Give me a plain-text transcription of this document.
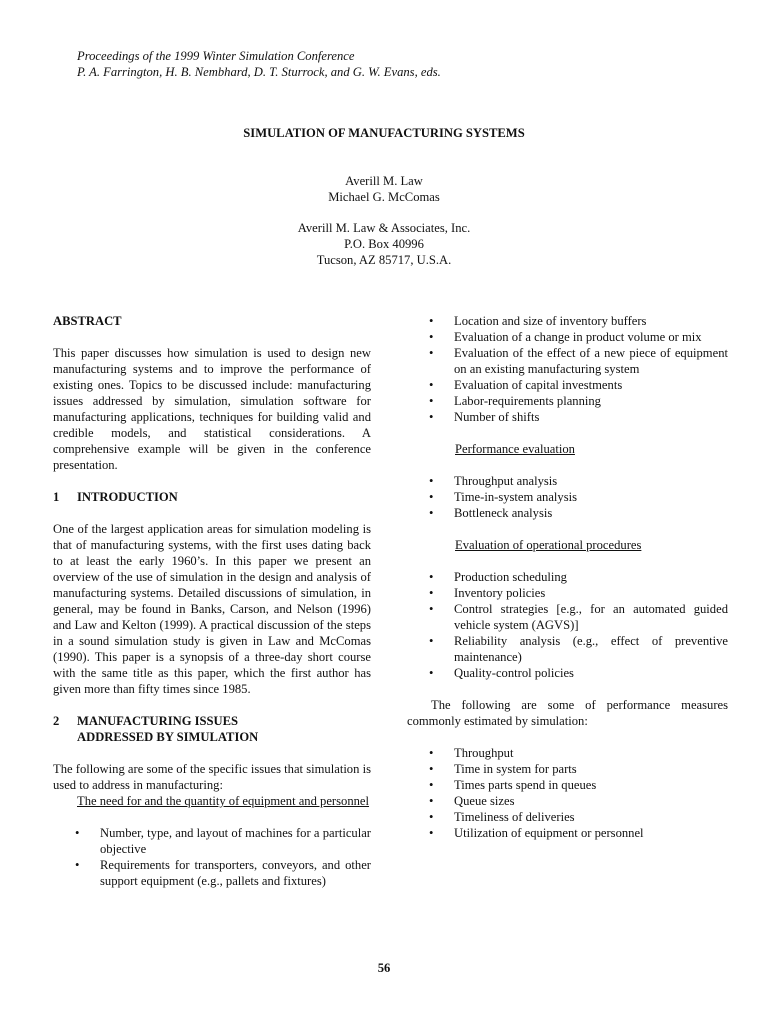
Proceedings of the 1999 Winter Simulation Conference
P. A. Farrington, H. B. Nembhard, D. T. Sturrock, and G. W. Evans, eds.
SIMULATION OF MANUFACTURING SYSTEMS
Averill M. Law
Michael G. McComas
Averill M. Law & Associates, Inc.
P.O. Box 40996
Tucson, AZ 85717, U.S.A.
ABSTRACT

This paper discusses how simulation is used to design new manufacturing systems and to improve the performance of existing ones. Topics to be discussed include: manufacturing issues addressed by simulation, simulation software for manufacturing applications, techniques for building valid and credible models, and statistical considerations. A comprehensive example will be given in the conference presentation.

1 INTRODUCTION

One of the largest application areas for simulation modeling is that of manufacturing systems, with the first uses dating back to at least the early 1960’s. In this paper we present an overview of the use of simulation in the design and analysis of manufacturing systems. Detailed discussions of simulation, in general, may be found in Banks, Carson, and Nelson (1996) and Law and Kelton (1999). A practical discussion of the steps in a sound simulation study is given in Law and McComas (1990). This paper is a synopsis of a three-day short course with the same title as this paper, which the first author has given more than fifty times since 1985.

2 MANUFACTURING ISSUES
ADDRESSED BY SIMULATION

The following are some of the specific issues that simulation is used to address in manufacturing:

The need for and the quantity of equipment and personnel

• Number, type, and layout of machines for a particular objective
• Requirements for transporters, conveyors, and other support equipment (e.g., pallets and fixtures)
• Location and size of inventory buffers
• Evaluation of a change in product volume or mix
• Evaluation of the effect of a new piece of equipment on an existing manufacturing system
• Evaluation of capital investments
• Labor-requirements planning
• Number of shifts

Performance evaluation

• Throughput analysis
• Time-in-system analysis
• Bottleneck analysis

Evaluation of operational procedures

• Production scheduling
• Inventory policies
• Control strategies [e.g., for an automated guided vehicle system (AGVS)]
• Reliability analysis (e.g., effect of preventive maintenance)
• Quality-control policies

The following are some of performance measures commonly estimated by simulation:

• Throughput
• Time in system for parts
• Times parts spend in queues
• Queue sizes
• Timeliness of deliveries
• Utilization of equipment or personnel
56
